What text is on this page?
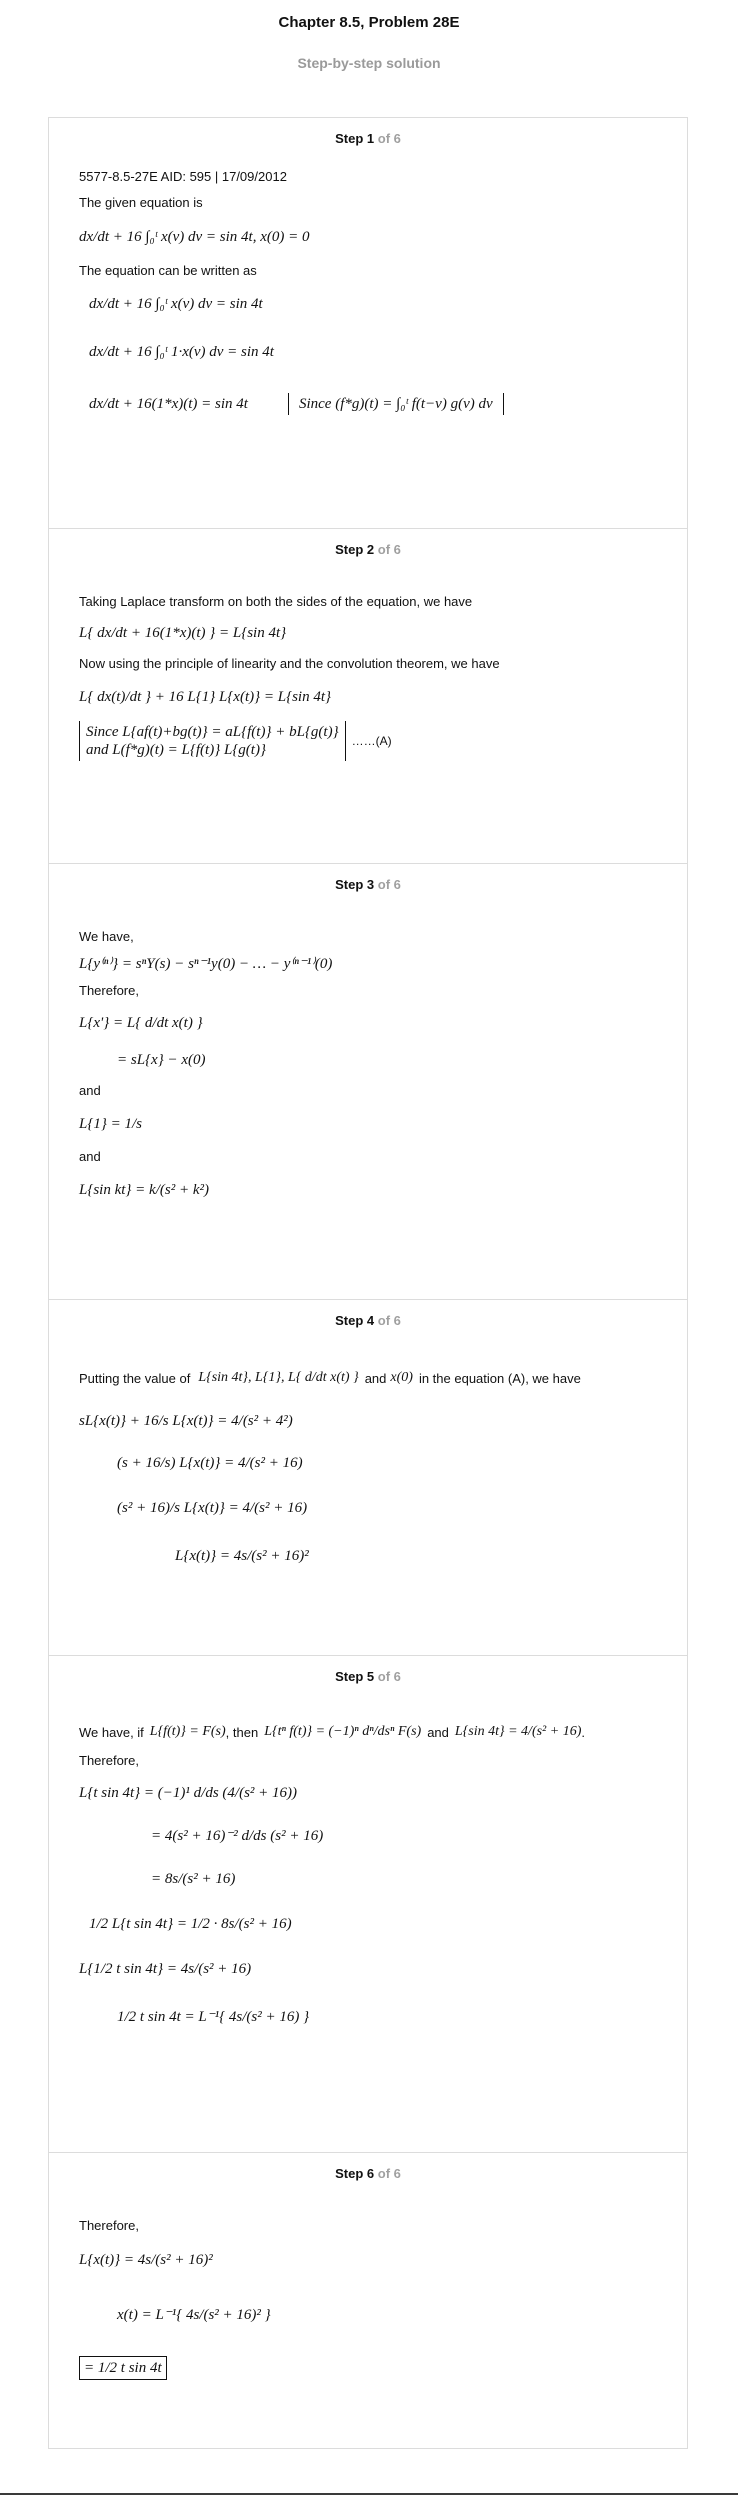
Chapter 8.5, Problem 28E
Step-by-step solution
Step 1 of 6

5577-8.5-27E AID: 595 | 17/09/2012

The given equation is

dx/dt + 16 ∫₀ᵗ x(v) dv = sin 4t, x(0) = 0

The equation can be written as

dx/dt + 16 ∫₀ᵗ x(v) dv = sin 4t
dx/dt + 16 ∫₀ᵗ 1·x(v) dv = sin 4t
dx/dt + 16(1*x)(t) = sin 4t	Since (f*g)(t) = ∫₀ᵗ f(t−v) g(v) dv
Step 2 of 6

Taking Laplace transform on both the sides of the equation, we have

L{ dx/dt + 16(1*x)(t) } = L{sin 4t}

Now using the principle of linearity and the convolution theorem, we have

L{ dx(t)/dt } + 16 L{1} L{x(t)} = L{sin 4t}
Since L{af(t)+bg(t)} = aL{f(t)} + bL{g(t)}
and L(f*g)(t) = L{f(t)} L{g(t)}
……(A)
Step 3 of 6

We have,

L{y⁽ⁿ⁾} = sⁿY(s) − sⁿ⁻¹y(0) − … − y⁽ⁿ⁻¹⁾(0)

Therefore,

L{x'} = L{ d/dt x(t) }
= sL{x} − x(0)

and

L{1} = 1/s

and

L{sin kt} = k/(s² + k²)
Step 4 of 6
Putting the value of L{sin 4t}, L{1}, L{ d/dt x(t) } and x(0) in the equation (A), we have
sL{x(t)} + 16/s L{x(t)} = 4/(s² + 4²)
(s + 16/s) L{x(t)} = 4/(s² + 16)
(s² + 16)/s L{x(t)} = 4/(s² + 16)
L{x(t)} = 4s/(s² + 16)²
Step 5 of 6
We have, if L{f(t)} = F(s) , then L{tⁿ f(t)} = (−1)ⁿ dⁿ/dsⁿ F(s) and L{sin 4t} = 4/(s² + 16) .

Therefore,

L{t sin 4t} = (−1)¹ d/ds (4/(s² + 16))
= 4(s² + 16)⁻² d/ds (s² + 16)
= 8s/(s² + 16)
1/2 L{t sin 4t} = 1/2 · 8s/(s² + 16)
L{1/2 t sin 4t} = 4s/(s² + 16)
1/2 t sin 4t = L⁻¹{ 4s/(s² + 16) }
Step 6 of 6

Therefore,

L{x(t)} = 4s/(s² + 16)²
x(t) = L⁻¹{ 4s/(s² + 16)² }
= 1/2 t sin 4t
